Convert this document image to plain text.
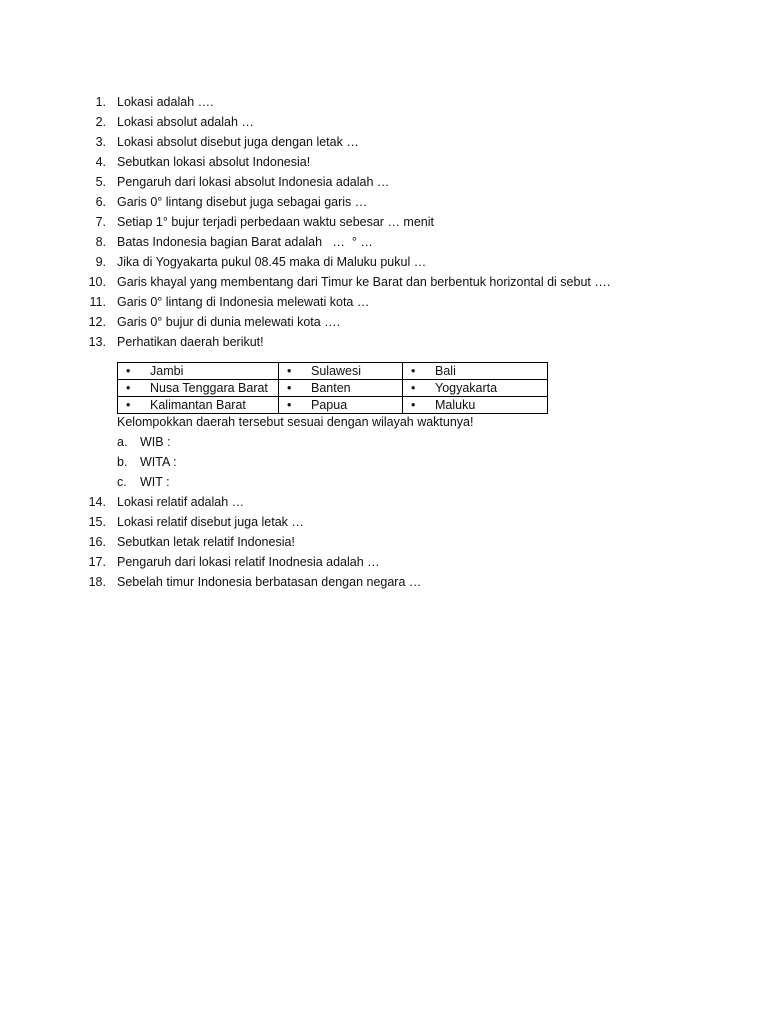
1. Lokasi adalah ….
2. Lokasi absolut adalah …
3. Lokasi absolut disebut juga dengan letak …
4. Sebutkan lokasi absolut Indonesia!
5. Pengaruh dari lokasi absolut Indonesia adalah …
6. Garis 0° lintang disebut juga sebagai garis …
7. Setiap 1° bujur terjadi perbedaan waktu sebesar … menit
8. Batas Indonesia bagian Barat adalah   …  ° …
9. Jika di Yogyakarta pukul 08.45 maka di Maluku pukul …
10. Garis khayal yang membentang dari Timur ke Barat dan berbentuk horizontal di sebut ….
11. Garis 0° lintang di Indonesia melewati kota …
12. Garis 0° bujur di dunia melewati kota ….
13. Perhatikan daerah berikut!
• Jambi	• Sulawesi	• Bali
• Nusa Tenggara Barat	• Banten	• Yogyakarta
• Kalimantan Barat	• Papua	• Maluku
Kelompokkan daerah tersebut sesuai dengan wilayah waktunya!
a. WIB :
b. WITA :
c. WIT :
14. Lokasi relatif adalah …
15. Lokasi relatif disebut juga letak …
16. Sebutkan letak relatif Indonesia!
17. Pengaruh dari lokasi relatif Inodnesia adalah …
18. Sebelah timur Indonesia berbatasan dengan negara …
